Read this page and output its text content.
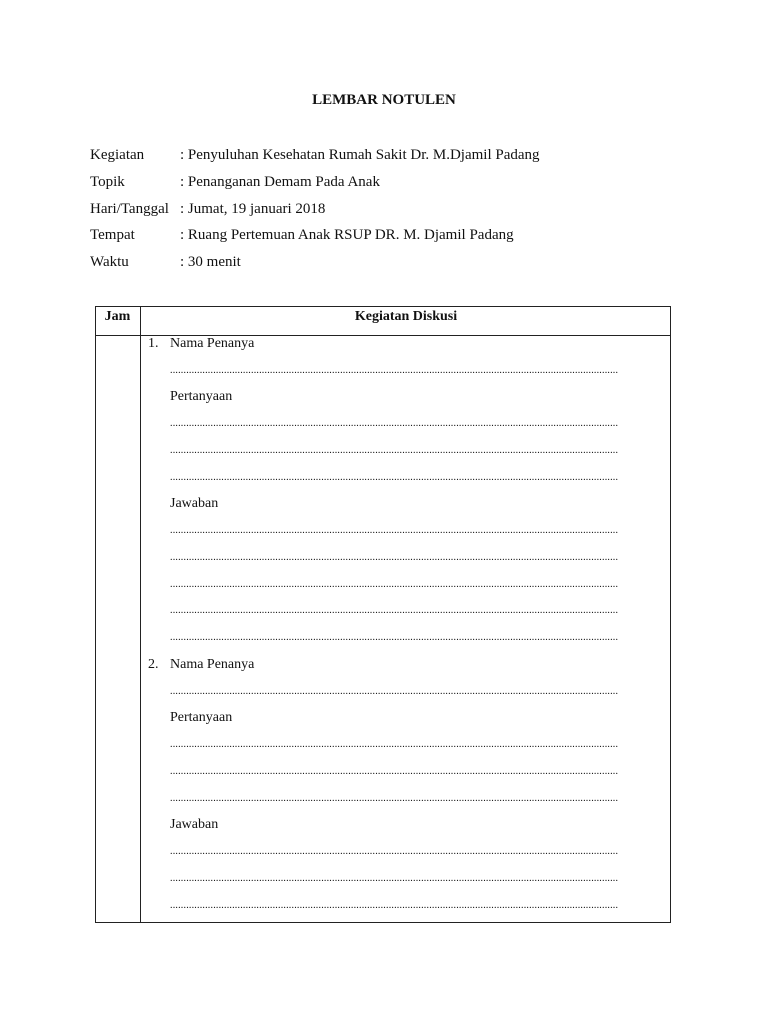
LEMBAR NOTULEN
Kegiatan : Penyuluhan Kesehatan Rumah Sakit Dr. M.Djamil Padang
Topik	: Penanganan Demam Pada Anak
Hari/Tanggal : Jumat, 19 januari 2018
Tempat	: Ruang Pertemuan Anak RSUP DR. M. Djamil Padang
Waktu	: 30 menit
Jam	Kegiatan Diskusi
1. Nama Penanya
......................................................................................................................................................................
Pertanyaan
......................................................................................................................................................................
......................................................................................................................................................................
......................................................................................................................................................................
Jawaban
......................................................................................................................................................................
......................................................................................................................................................................
......................................................................................................................................................................
......................................................................................................................................................................
......................................................................................................................................................................
2. Nama Penanya
......................................................................................................................................................................
Pertanyaan
......................................................................................................................................................................
......................................................................................................................................................................
......................................................................................................................................................................
Jawaban
......................................................................................................................................................................
......................................................................................................................................................................
......................................................................................................................................................................
